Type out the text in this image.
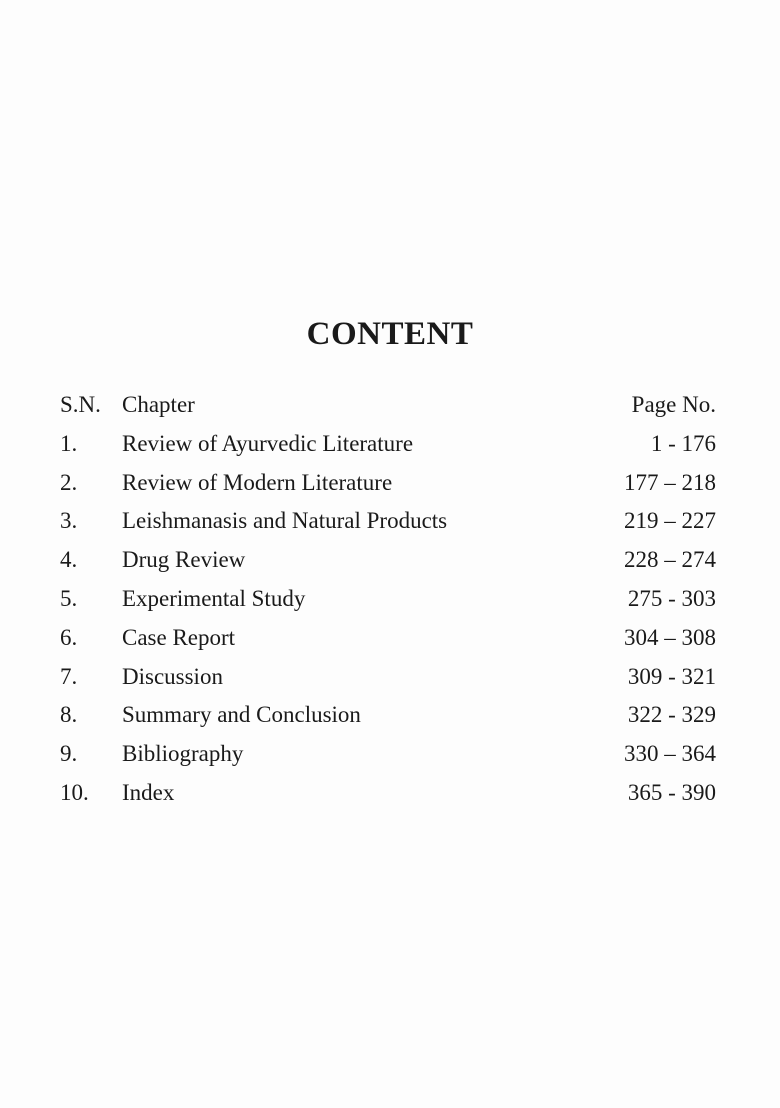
CONTENT
S.N. Chapter	Page No.
1. Review of Ayurvedic Literature	1 - 176
2. Review of Modern Literature	177 – 218
3. Leishmanasis and Natural Products	219 – 227
4. Drug Review	228 – 274
5. Experimental Study	275 - 303
6. Case Report	304 – 308
7. Discussion	309 - 321
8. Summary and Conclusion	322 - 329
9. Bibliography	330 – 364
10. Index	365 - 390
